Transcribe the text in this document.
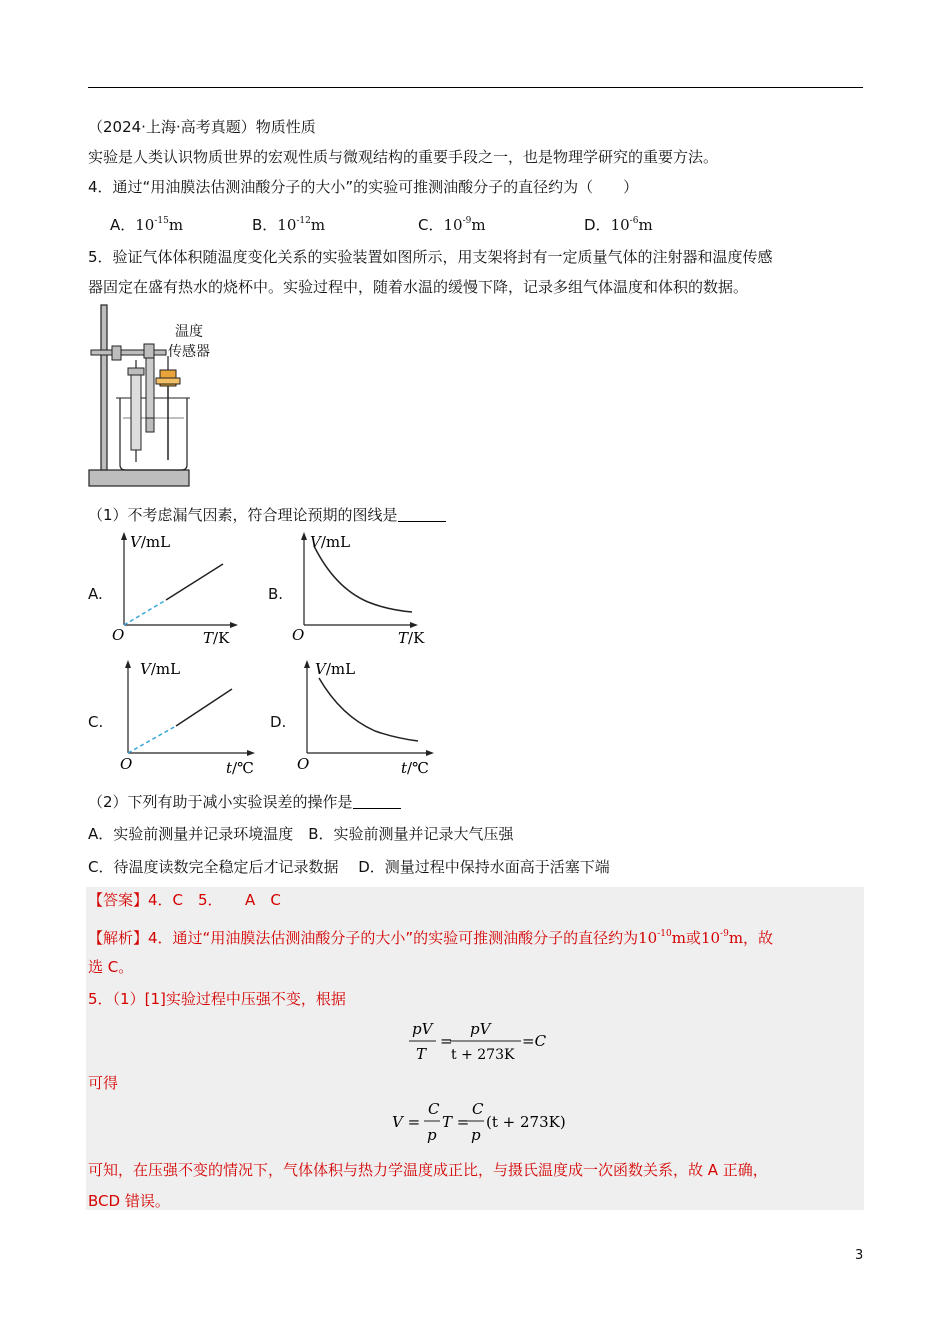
（2024·上海·高考真题）物质性质
实验是人类认识物质世界的宏观性质与微观结构的重要手段之一，也是物理学研究的重要方法。
4．通过“用油膜法估测油酸分子的大小”的实验可推测油酸分子的直径约为（　　）
A．$10^{-15}m$	B．$10^{-12}m$	C．$10^{-9}m$	D．$10^{-6}m$
5．验证气体体积随温度变化关系的实验装置如图所示，用支架将封有一定质量气体的注射器和温度传感
器固定在盛有热水的烧杯中。实验过程中，随着水温的缓慢下降，记录多组气体温度和体积的数据。
温度
传感器
（1）不考虑漏气因素，符合理论预期的图线是
A.
V/mL
T/K
O
B.
V/mL
T/K
O
C.
V/mL
t/℃
O
D.
V/mL
t/℃
O
（2）下列有助于减小实验误差的操作是
A．实验前测量并记录环境温度　B．实验前测量并记录大气压强
C．待温度读数完全稳定后才记录数据　 D．测量过程中保持水面高于活塞下端
【答案】4．C　5．　　A　C
【解析】4．通过“用油膜法估测油酸分子的大小”的实验可推测油酸分子的直径约为$10^{-10}m$或$10^{-9}m$，故
选 C。
5．（1）[1]实验过程中压强不变，根据
pV
T
=
pV
t + 273K
=C
可得
V =
C
p
T =
C
p
(t + 273K)
可知，在压强不变的情况下，气体体积与热力学温度成正比，与摄氏温度成一次函数关系，故 A 正确，
BCD 错误。
3
